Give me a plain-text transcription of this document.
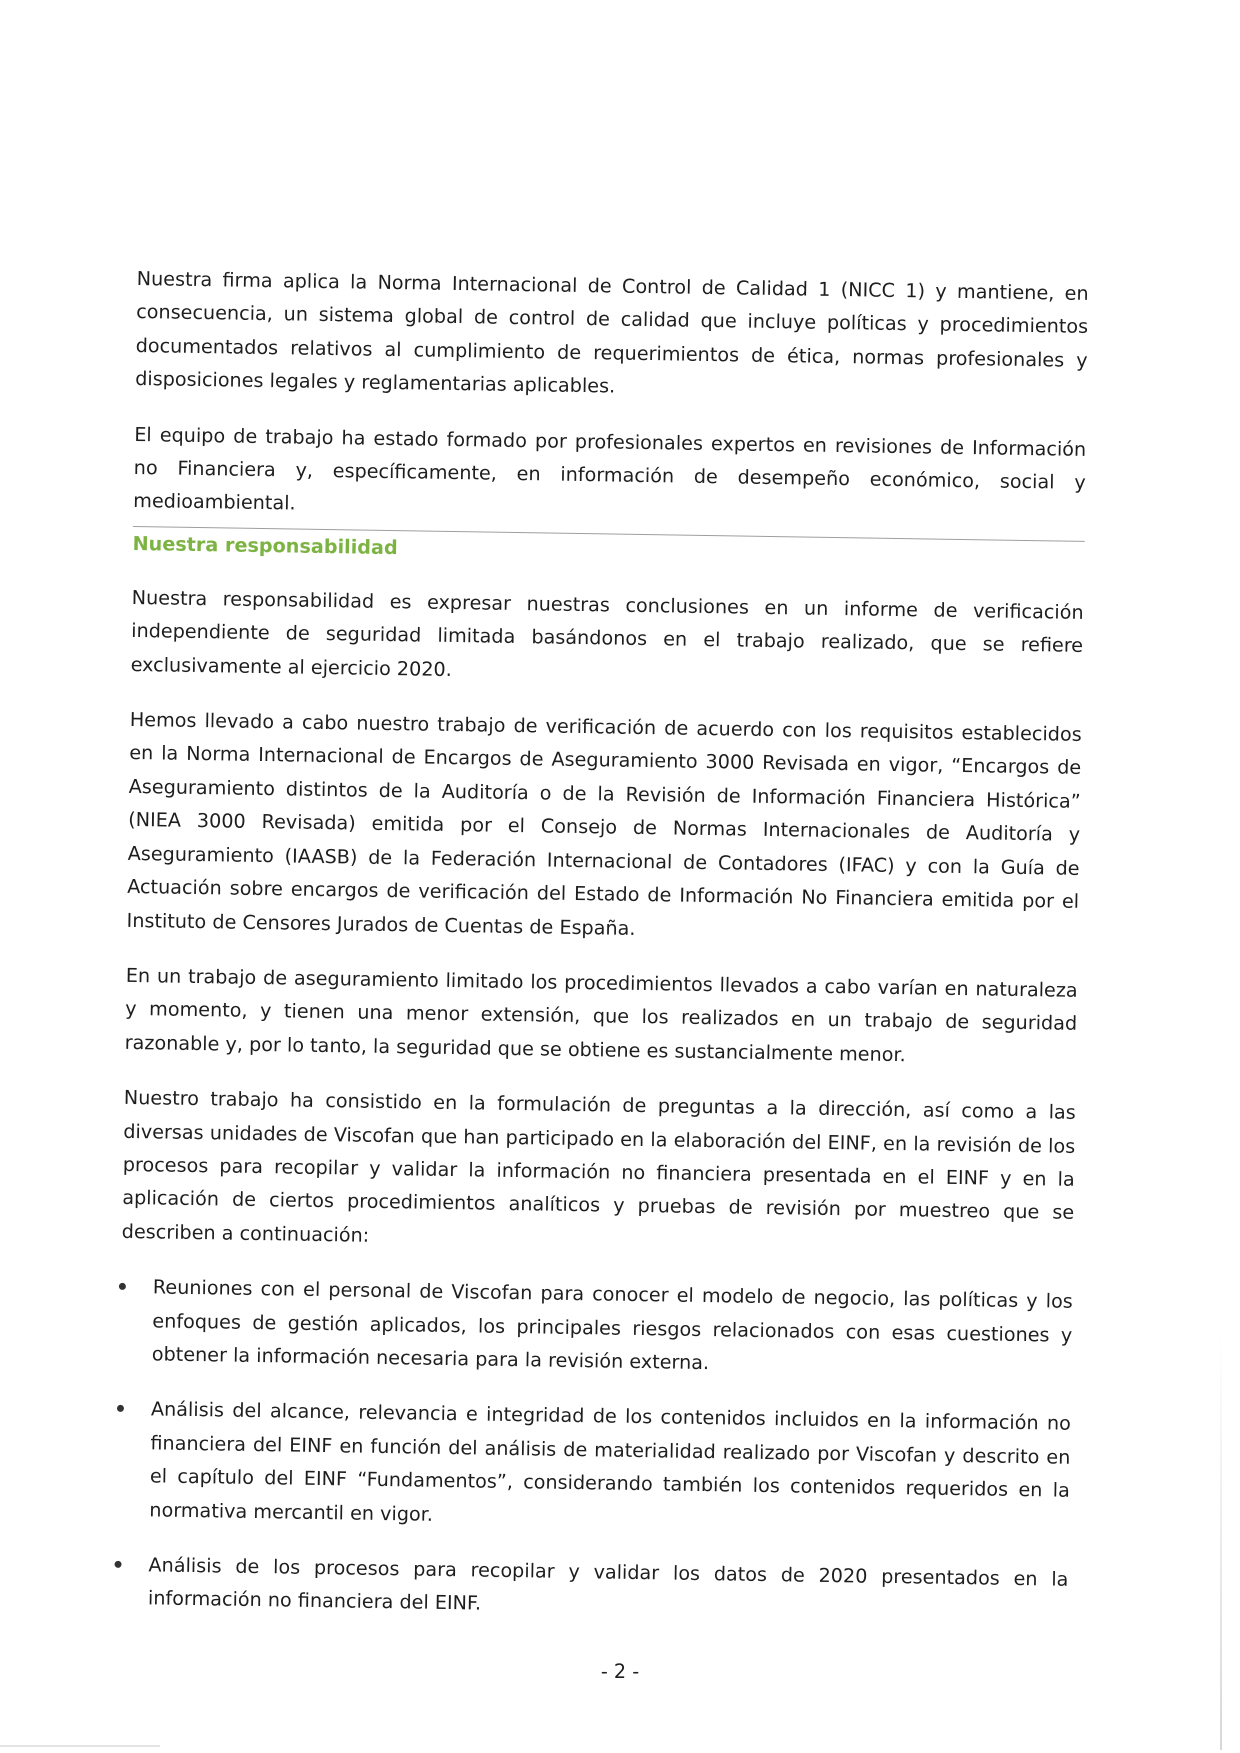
Nuestra firma aplica la Norma Internacional de Control de Calidad 1 (NICC 1) y mantiene, en consecuencia, un sistema global de control de calidad que incluye políticas y procedimientos documentados relativos al cumplimiento de requerimientos de ética, normas profesionales y disposiciones legales y reglamentarias aplicables.

El equipo de trabajo ha estado formado por profesionales expertos en revisiones de Información no Financiera y, específicamente, en información de desempeño económico, social y medioambiental.

Nuestra responsabilidad

Nuestra responsabilidad es expresar nuestras conclusiones en un informe de verificación independiente de seguridad limitada basándonos en el trabajo realizado, que se refiere exclusivamente al ejercicio 2020.

Hemos llevado a cabo nuestro trabajo de verificación de acuerdo con los requisitos establecidos en la Norma Internacional de Encargos de Aseguramiento 3000 Revisada en vigor, “Encargos de Aseguramiento distintos de la Auditoría o de la Revisión de Información Financiera Histórica” (NIEA 3000 Revisada) emitida por el Consejo de Normas Internacionales de Auditoría y Aseguramiento (IAASB) de la Federación Internacional de Contadores (IFAC) y con la Guía de Actuación sobre encargos de verificación del Estado de Información No Financiera emitida por el Instituto de Censores Jurados de Cuentas de España.

En un trabajo de aseguramiento limitado los procedimientos llevados a cabo varían en naturaleza y momento, y tienen una menor extensión, que los realizados en un trabajo de seguridad razonable y, por lo tanto, la seguridad que se obtiene es sustancialmente menor.

Nuestro trabajo ha consistido en la formulación de preguntas a la dirección, así como a las diversas unidades de Viscofan que han participado en la elaboración del EINF, en la revisión de los procesos para recopilar y validar la información no financiera presentada en el EINF y en la aplicación de ciertos procedimientos analíticos y pruebas de revisión por muestreo que se describen a continuación:

Reuniones con el personal de Viscofan para conocer el modelo de negocio, las políticas y los enfoques de gestión aplicados, los principales riesgos relacionados con esas cuestiones y obtener la información necesaria para la revisión externa.
Análisis del alcance, relevancia e integridad de los contenidos incluidos en la información no financiera del EINF en función del análisis de materialidad realizado por Viscofan y descrito en el capítulo del EINF “Fundamentos”, considerando también los contenidos requeridos en la normativa mercantil en vigor.
Análisis de los procesos para recopilar y validar los datos de 2020 presentados en la información no financiera del EINF.
- 2 -
